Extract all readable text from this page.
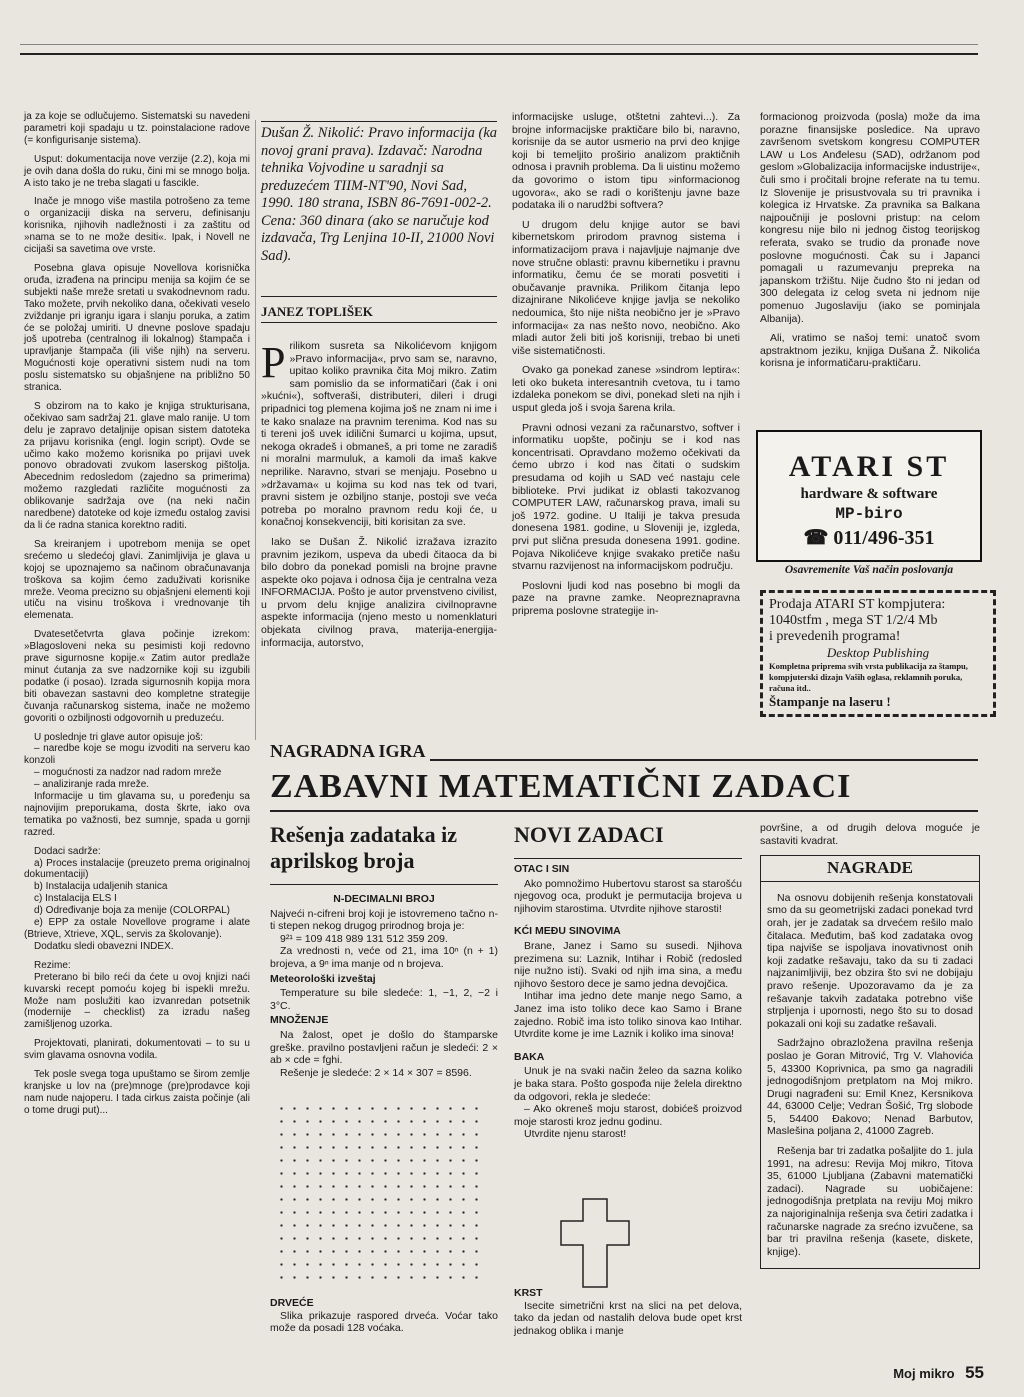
ja za koje se odlučujemo. Sistematski su navedeni parametri koji spadaju u tz. poinstalacione radove (= konfigurisanje sistema).

Usput: dokumentacija nove verzije (2.2), koja mi je ovih dana došla do ruku, čini mi se mnogo bolja. A isto tako je ne treba slagati u fascikle.

Inače je mnogo više mastila potrošeno za teme o organizaciji diska na serveru, definisanju korisnika, njihovih nadležnosti i za zaštitu od »nama se to ne može desiti«. Ipak, i Novell ne cicijaši sa savetima ove vrste.

Posebna glava opisuje Novellova korisnička oruđa, izrađena na principu menija sa kojim će se subjekti naše mreže sretati u svakodnevnom radu. Tako možete, prvih nekoliko dana, očekivati veselo zviždanje pri igranju igara i slanju poruka, a zatim će se položaj umiriti. U dnevne poslove spadaju još upotreba (centralnog ili lokalnog) štampača i upravljanje štampača (ili više njih) na serveru. Mogućnosti koje operativni sistem nudi na tom poslu sistematsko su objašnjene na približno 50 stranica.

S obzirom na to kako je knjiga strukturisana, očekivao sam sadržaj 21. glave malo ranije. U tom delu je zapravo detaljnije opisan sistem datoteka za prijavu korisnika (engl. login script). Ovde se učimo kako možemo korisnika po prijavi uvek ponovo obradovati zvukom laserskog pištolja. Abecednim redosledom (zajedno sa primerima) možemo razgledati različite mogućnosti za oblikovanje sadržaja ove (na neki način naredbene) datoteke od koje između ostalog zavisi da li će radna stanica korektno raditi.

Sa kreiranjem i upotrebom menija se opet srećemo u sledećoj glavi. Zanimljivija je glava u kojoj se upoznajemo sa načinom obračunavanja troškova sa kojim ćemo zaduživati korisnike mreže. Veoma precizno su objašnjeni elementi koji utiču na visinu troškova i vrednovanje tih elemenata.

Dvatesetčetvrta glava počinje izrekom: »Blagosloveni neka su pesimisti koji redovno prave sigurnosne kopije.« Zatim autor predlaže minut ćutanja za sve nadzornike koji su izgubili podatke (i posao). Izrada sigurnosnih kopija mora biti obavezan sastavni deo kompletne strategije čuvanja računarskog sistema, inače ne možemo govoriti o ozbiljnosti odgovornih u preduzeću.

U poslednje tri glave autor opisuje još:

– naredbe koje se mogu izvoditi na serveru kao konzoli

– mogućnosti za nadzor nad radom mreže

– analiziranje rada mreže.

Informacije u tim glavama su, u poređenju sa najnovijim preporukama, dosta škrte, iako ova tematika po važnosti, bez sumnje, spada u gornji razred.

Dodaci sadrže:

a) Proces instalacije (preuzeto prema originalnoj dokumentaciji)

b) Instalacija udaljenih stanica

c) Instalacija ELS I

d) Određivanje boja za menije (COLORPAL)

e) EPP za ostale Novellove programe i alate (Btrieve, Xtrieve, XQL, servis za školovanje).

Dodatku sledi obavezni INDEX.

Rezime:

Preterano bi bilo reći da ćete u ovoj knjizi naći kuvarski recept pomoću kojeg bi ispekli mrežu. Može nam poslužiti kao izvanredan potsetnik (modernije – checklist) za izradu našeg zamišljenog uzorka.

Projektovati, planirati, dokumentovati – to su u svim glavama osnovna vodila.

Tek posle svega toga upuštamo se širom zemlje kranjske u lov na (pre)mnoge (pre)prodavce koji nam nude najoperu. I tada cirkus zaista počinje (ali o tome drugi put)...

Dušan Ž. Nikolić: Pravo informacija (ka novoj grani prava). Izdavač: Narodna tehnika Vojvodine u saradnji sa preduzećem TIIM-NT'90, Novi Sad, 1990. 180 strana, ISBN 86-7691-002-2. Cena: 360 dinara (ako se naručuje kod izdavača, Trg Lenjina 10-II, 21000 Novi Sad).
JANEZ TOPLIŠEK

Prilikom susreta sa Nikolićevom knjigom »Pravo informacija«, prvo sam se, naravno, upitao koliko pravnika čita Moj mikro. Zatim sam pomislio da se informatičari (čak i oni »kućni«), softveraši, distributeri, dileri i drugi pripadnici tog plemena kojima još ne znam ni ime i te kako snalaze na pravnim terenima. Kod nas su ti tereni još uvek idilični šumarci u kojima, upsut, nekoga okradeš i obmaneš, a pri tome ne zaradiš ni moralni marmuluk, a kamoli da imaš kakve neprilike. Naravno, stvari se menjaju. Posebno u »državama« u kojima su kod nas tek od tvari, pravni sistem je ozbiljno stanje, postoji sve veća potreba po moralno pravnom redu koji će, u konačnoj konsekvenciji, biti korisitan za sve.

Iako se Dušan Ž. Nikolić izražava izrazito pravnim jezikom, uspeva da ubedi čitaoca da bi bilo dobro da ponekad pomisli na brojne pravne aspekte oko pojava i odnosa čija je centralna veza INFORMACIJA. Pošto je autor prvenstveno civilist, u prvom delu knjige analizira civilnopravne aspekte informacija (njeno mesto u nomenklaturi objekata civilnog prava, materija-energija-informacija, autorstvo,

informacijske usluge, otštetni zahtevi...). Za brojne informacijske praktičare bilo bi, naravno, korisnije da se autor usmerio na prvi deo knjige koji bi temeljito proširio analizom praktičnih odnosa i pravnih problema. Da li uistinu možemo da govorimo o istom tipu »informacionog ugovora«, ako se radi o korištenju javne baze podataka ili o narudžbi softvera?

U drugom delu knjige autor se bavi kibernetskom prirodom pravnog sistema i informatizacijom prava i najavljuje najmanje dve nove stručne oblasti: pravnu kibernetiku i pravnu informatiku, čemu će se morati posvetiti i obučavanje pravnika. Prilikom čitanja lepo dizajnirane Nikolićeve knjige javlja se nekoliko nedoumica, što nije ništa neobično jer je »Pravo informacija« za nas nešto novo, neobično. Ako mladi autor želi biti još korisniji, trebao bi uneti više sistematičnosti.

Ovako ga ponekad zanese »sindrom leptira«: leti oko buketa interesantnih cvetova, tu i tamo izdaleka ponekom se divi, ponekad sleti na njih i usput gleda još i svoja šarena krila.

Pravni odnosi vezani za računarstvo, softver i informatiku uopšte, počinju se i kod nas koncentrisati. Opravdano možemo očekivati da ćemo ubrzo i kod nas čitati o sudskim presudama od kojih u SAD već nastaju cele biblioteke. Prvi judikat iz oblasti takozvanog COMPUTER LAW, računarskog prava, imali su još 1972. godine. U Italiji je takva presuda donesena 1981. godine, u Sloveniji je, izgleda, prvi put slična presuda donesena 1991. godine. Pojava Nikolićeve knjige svakako pretiče našu stvarnu razvijenost na informacijskom području.

Poslovni ljudi kod nas posebno bi mogli da paze na pravne zamke. Neopreznapravna priprema poslovne strategije in-

formacionog proizvoda (posla) može da ima porazne finansijske posledice. Na upravo završenom svetskom kongresu COMPUTER LAW u Los Anđelesu (SAD), održanom pod geslom »Globalizacija informacijske industrije«, čuli smo i pročitali brojne referate na tu temu. Iz Slovenije je prisustvovala su tri pravnika i kolegica iz Hrvatske. Za pravnika sa Balkana najpoučniji je poslovni pristup: na celom kongresu nije bilo ni jednog čistog teorijskog referata, svako se trudio da pronađe nove poslovne mogućnosti. Čak su i Japanci pomagali u razumevanju prepreka na japanskom tržištu. Nije čudno što ni jedan od 300 delegata iz celog sveta ni jednom nije pomenuo Jugoslaviju (iako se pominjala Albanija).

Ali, vratimo se našoj temi: unatoč svom apstraktnom jeziku, knjiga Dušana Ž. Nikolića korisna je informatičaru-praktičaru.

ATARI ST
hardware & software
MP-biro
☎ 011/496-351
Osavremenite Vaš način poslovanja
Prodaja ATARI ST kompjutera:
1040stfm , mega ST 1/2/4 Mb
i prevedenih programa!
Desktop Publishing
Kompletna priprema svih vrsta publikacija za štampu, kompjuterski dizajn Vaših oglasa, reklamnih poruka, računa itd..
Štampanje na laseru !
NAGRADNA IGRA
ZABAVNI MATEMATIČNI ZADACI
Rešenja zadataka iz aprilskog broja
N-DECIMALNI BROJ

Najveći n-cifreni broj koji je istovremeno tačno n-ti stepen nekog drugog prirodnog broja je:

9²¹ = 109 418 989 131 512 359 209.

Za vrednosti n, veće od 21, ima 10ⁿ (n + 1) brojeva, a 9ⁿ ima manje od n brojeva.

Meteorološki izveštaj

Temperature su bile sledeće: 1, −1, 2, −2 i 3°C.

MNOŽENJE

Na žalost, opet je došlo do štamparske greške. pravilno postavljeni račun je sledeći: 2 × ab × cde = fghi.

Rešenje je sledeće: 2 × 14 × 307 = 8596.

DRVEĆE

Slika prikazuje raspored drveća. Voćar tako može da posadi 128 voćaka.

NOVI ZADACI
OTAC I SIN

Ako pomnožimo Hubertovu starost sa starošću njegovog oca, produkt je permutacija brojeva u njihovim starostima. Utvrdite njihove starosti!

KĆI MEĐU SINOVIMA

Brane, Janez i Samo su susedi. Njihova prezimena su: Laznik, Intihar i Robič (redosled nije nužno isti). Svaki od njih ima sina, a među njihovo šestoro dece je samo jedna devojčica.

Intihar ima jedno dete manje nego Samo, a Janez ima isto toliko dece kao Samo i Brane zajedno. Robič ima isto toliko sinova kao Intihar. Utvrdite kome je ime Laznik i koliko ima sinova!

BAKA

Unuk je na svaki način želeo da sazna koliko je baka stara. Pošto gospođa nije želela direktno da odgovori, rekla je sledeće:

– Ako okreneš moju starost, dobićeš proizvod moje starosti kroz jednu godinu.

Utvrdite njenu starost!

KRST

Isecite simetrični krst na slici na pet delova, tako da jedan od nastalih delova bude opet krst jednakog oblika i manje

površine, a od drugih delova moguće je sastaviti kvadrat.

NAGRADE

Na osnovu dobijenih rešenja konstatovali smo da su geometrijski zadaci ponekad tvrd orah, jer je zadatak sa drvećem rešilo malo čitalaca. Međutim, baš kod zadataka ovog tipa najviše se ispoljava inovativnost onih koji zadatke rešavaju, tako da su ti zadaci najzanimljiviji, bez obzira što svi ne dobijaju pravo rešenje. Upozoravamo da je za rešavanje takvih zadataka potrebno više strpljenja i upornosti, nego što su to dosad pokazali oni koji su zadatke rešavali.

Sadržajno obrazložena pravilna rešenja poslao je Goran Mitrović, Trg V. Vlahovića 5, 43300 Koprivnica, pa smo ga nagradili jednogodišnjom pretplatom na Moj mikro. Drugi nagrađeni su: Emil Knez, Kersnikova 44, 63000 Celje; Vedran Šošić, Trg slobode 5, 54400 Đakovo; Nenad Barbutov, Maslešina poljana 2, 41000 Zagreb.

Rešenja bar tri zadatka pošaljite do 1. jula 1991, na adresu: Revija Moj mikro, Titova 35, 61000 Ljubljana (Zabavni matematički zadaci). Nagrade su uobičajene: jednogodišnja pretplata na reviju Moj mikro za najoriginalnija rešenja sva četiri zadatka i računarske nagrade za srećno izvučene, sa bar tri pravilna rešenja (kasete, diskete, knjige).

Moj mikro 55
